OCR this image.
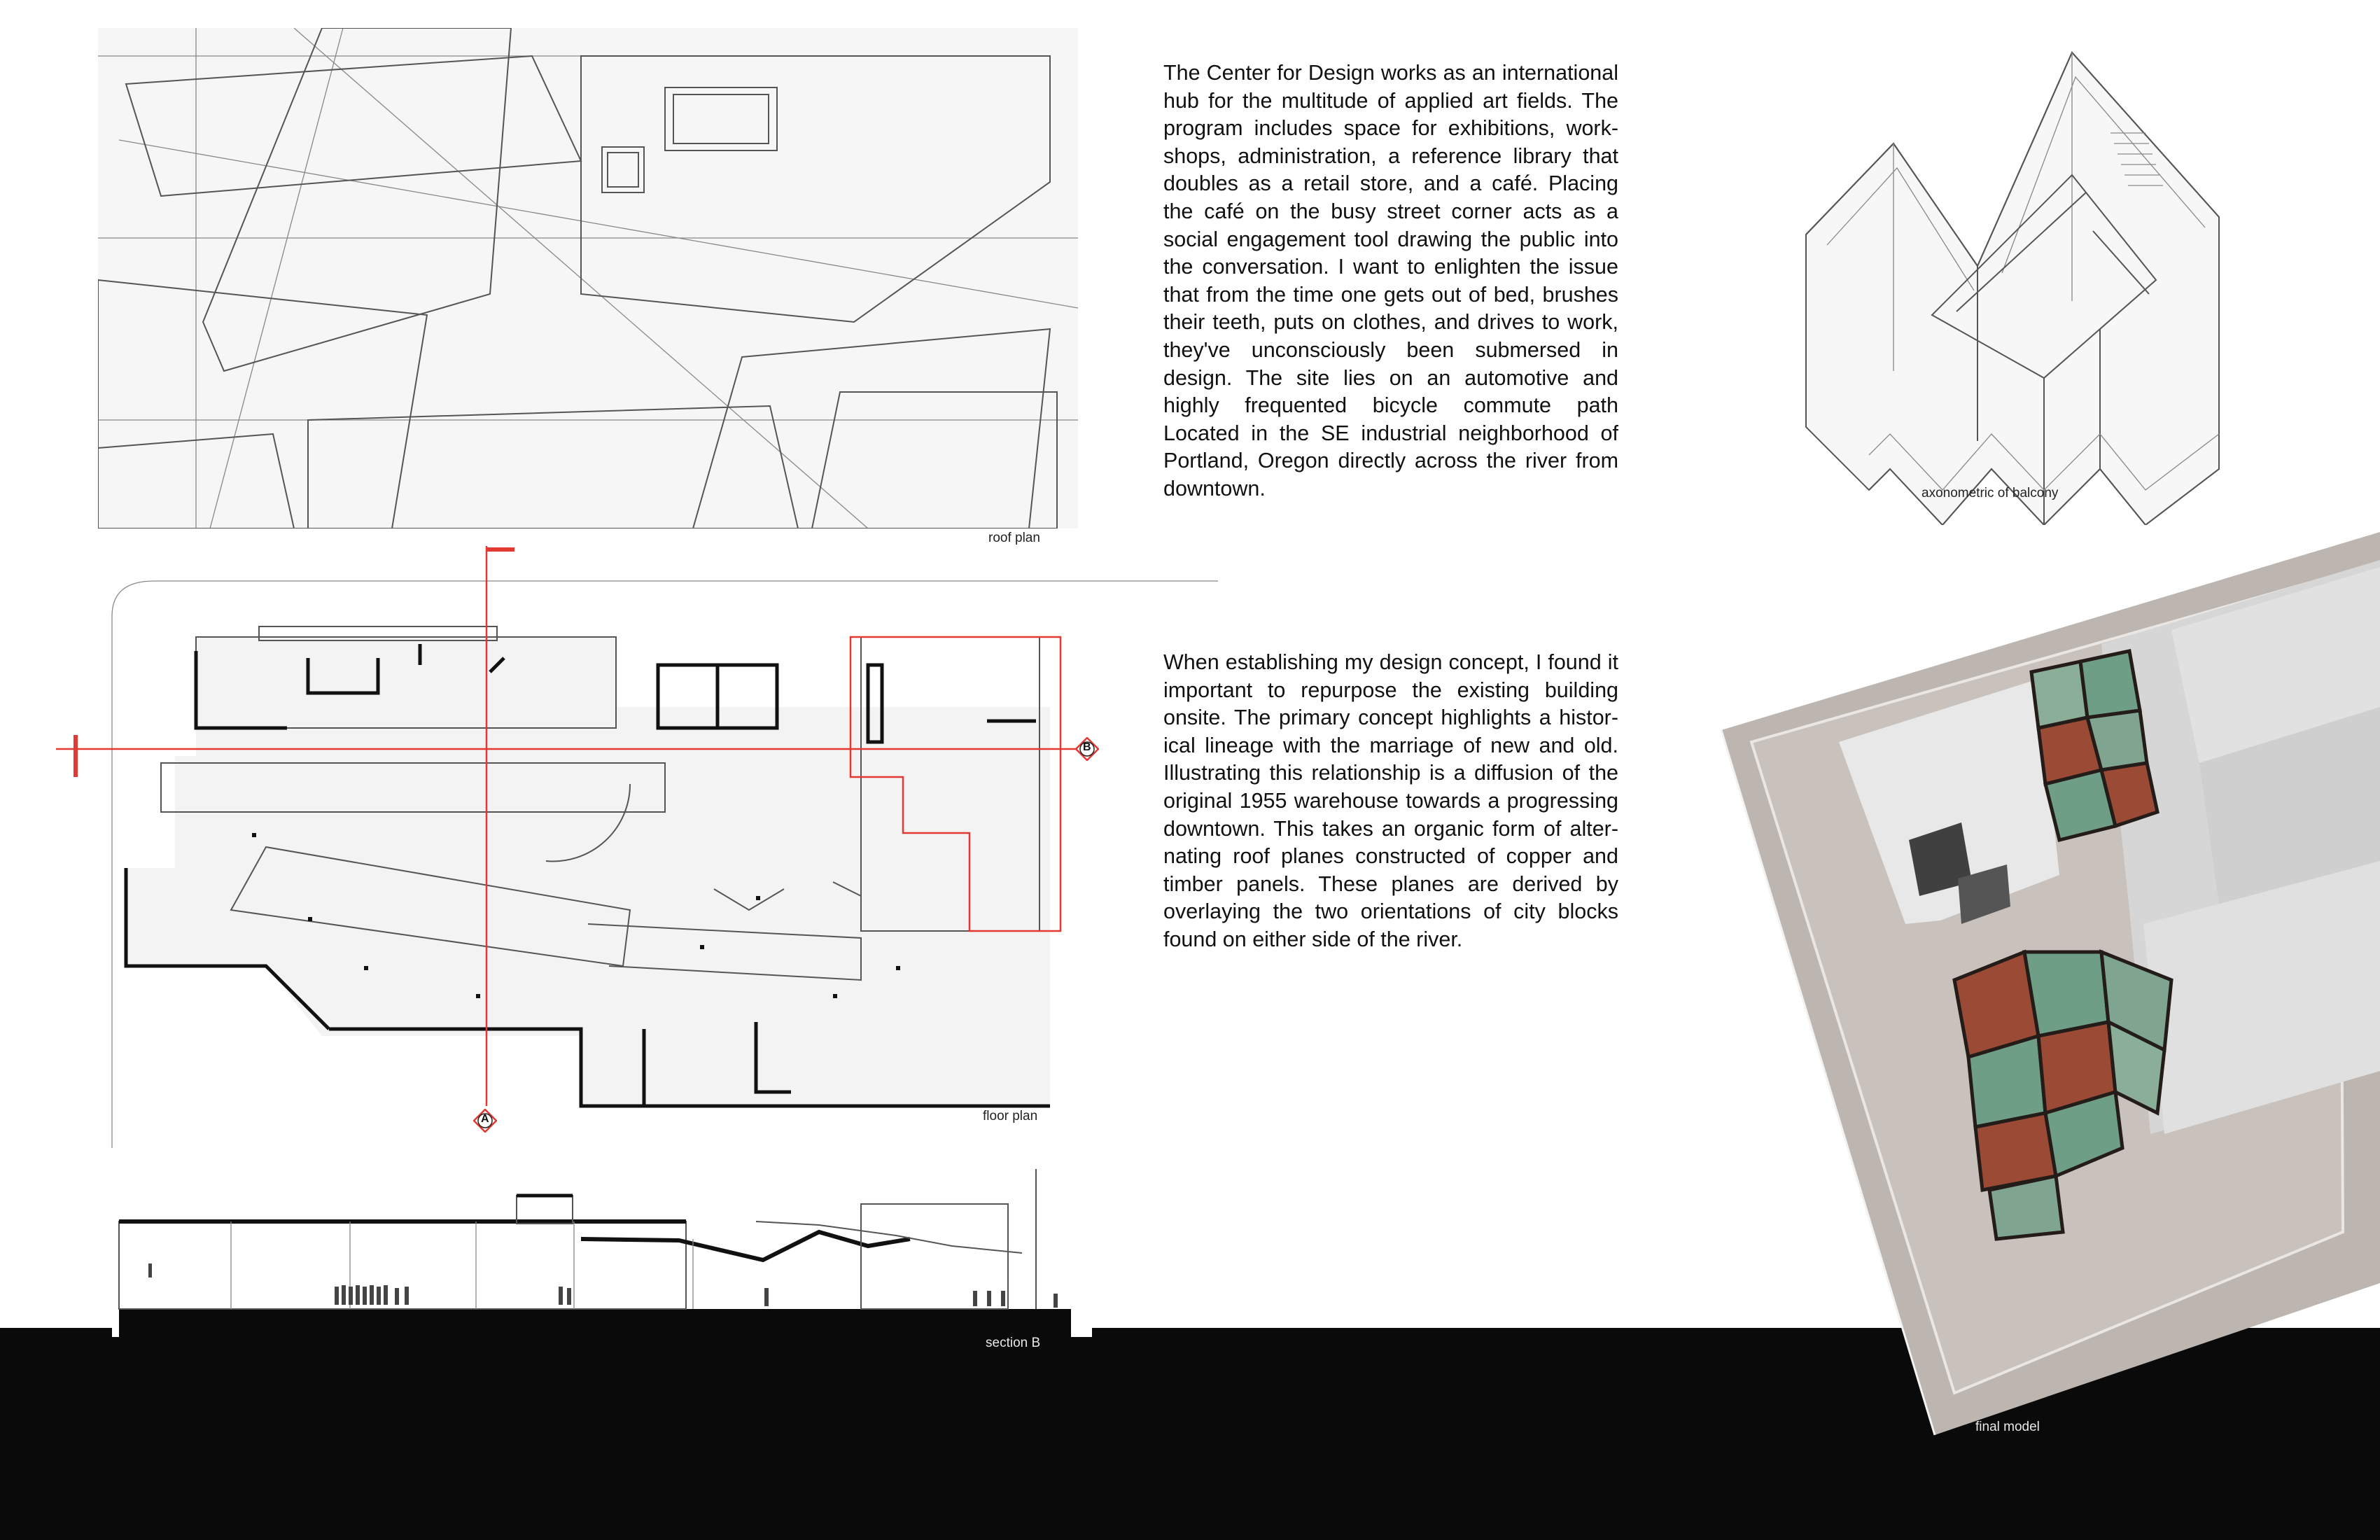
roof plan
A
B
floor plan
section B

The Center for Design works as an international hub for the multitude of applied art fields. The program includes space for exhibitions, work-shops, administration, a reference library that doubles as a retail store, and a café. Placing the café on the busy street corner acts as a social engagement tool drawing the public into the conversation. I want to enlighten the issue that from the time one gets out of bed, brushes their teeth, puts on clothes, and drives to work, they've unconsciously been submersed in design. The site lies on an automotive and highly frequented bicycle commute path Located in the SE industrial neighborhood of Portland, Oregon directly across the river from downtown.

When establishing my design concept, I found it important to repurpose the existing building onsite. The primary concept highlights a histor-ical lineage with the marriage of new and old. Illustrating this relationship is a diffusion of the original 1955 warehouse towards a progressing downtown. This takes an organic form of alter-nating roof planes constructed of copper and timber panels. These planes are derived by overlaying the two orientations of city blocks found on either side of the river.

axonometric of balcony
final model
